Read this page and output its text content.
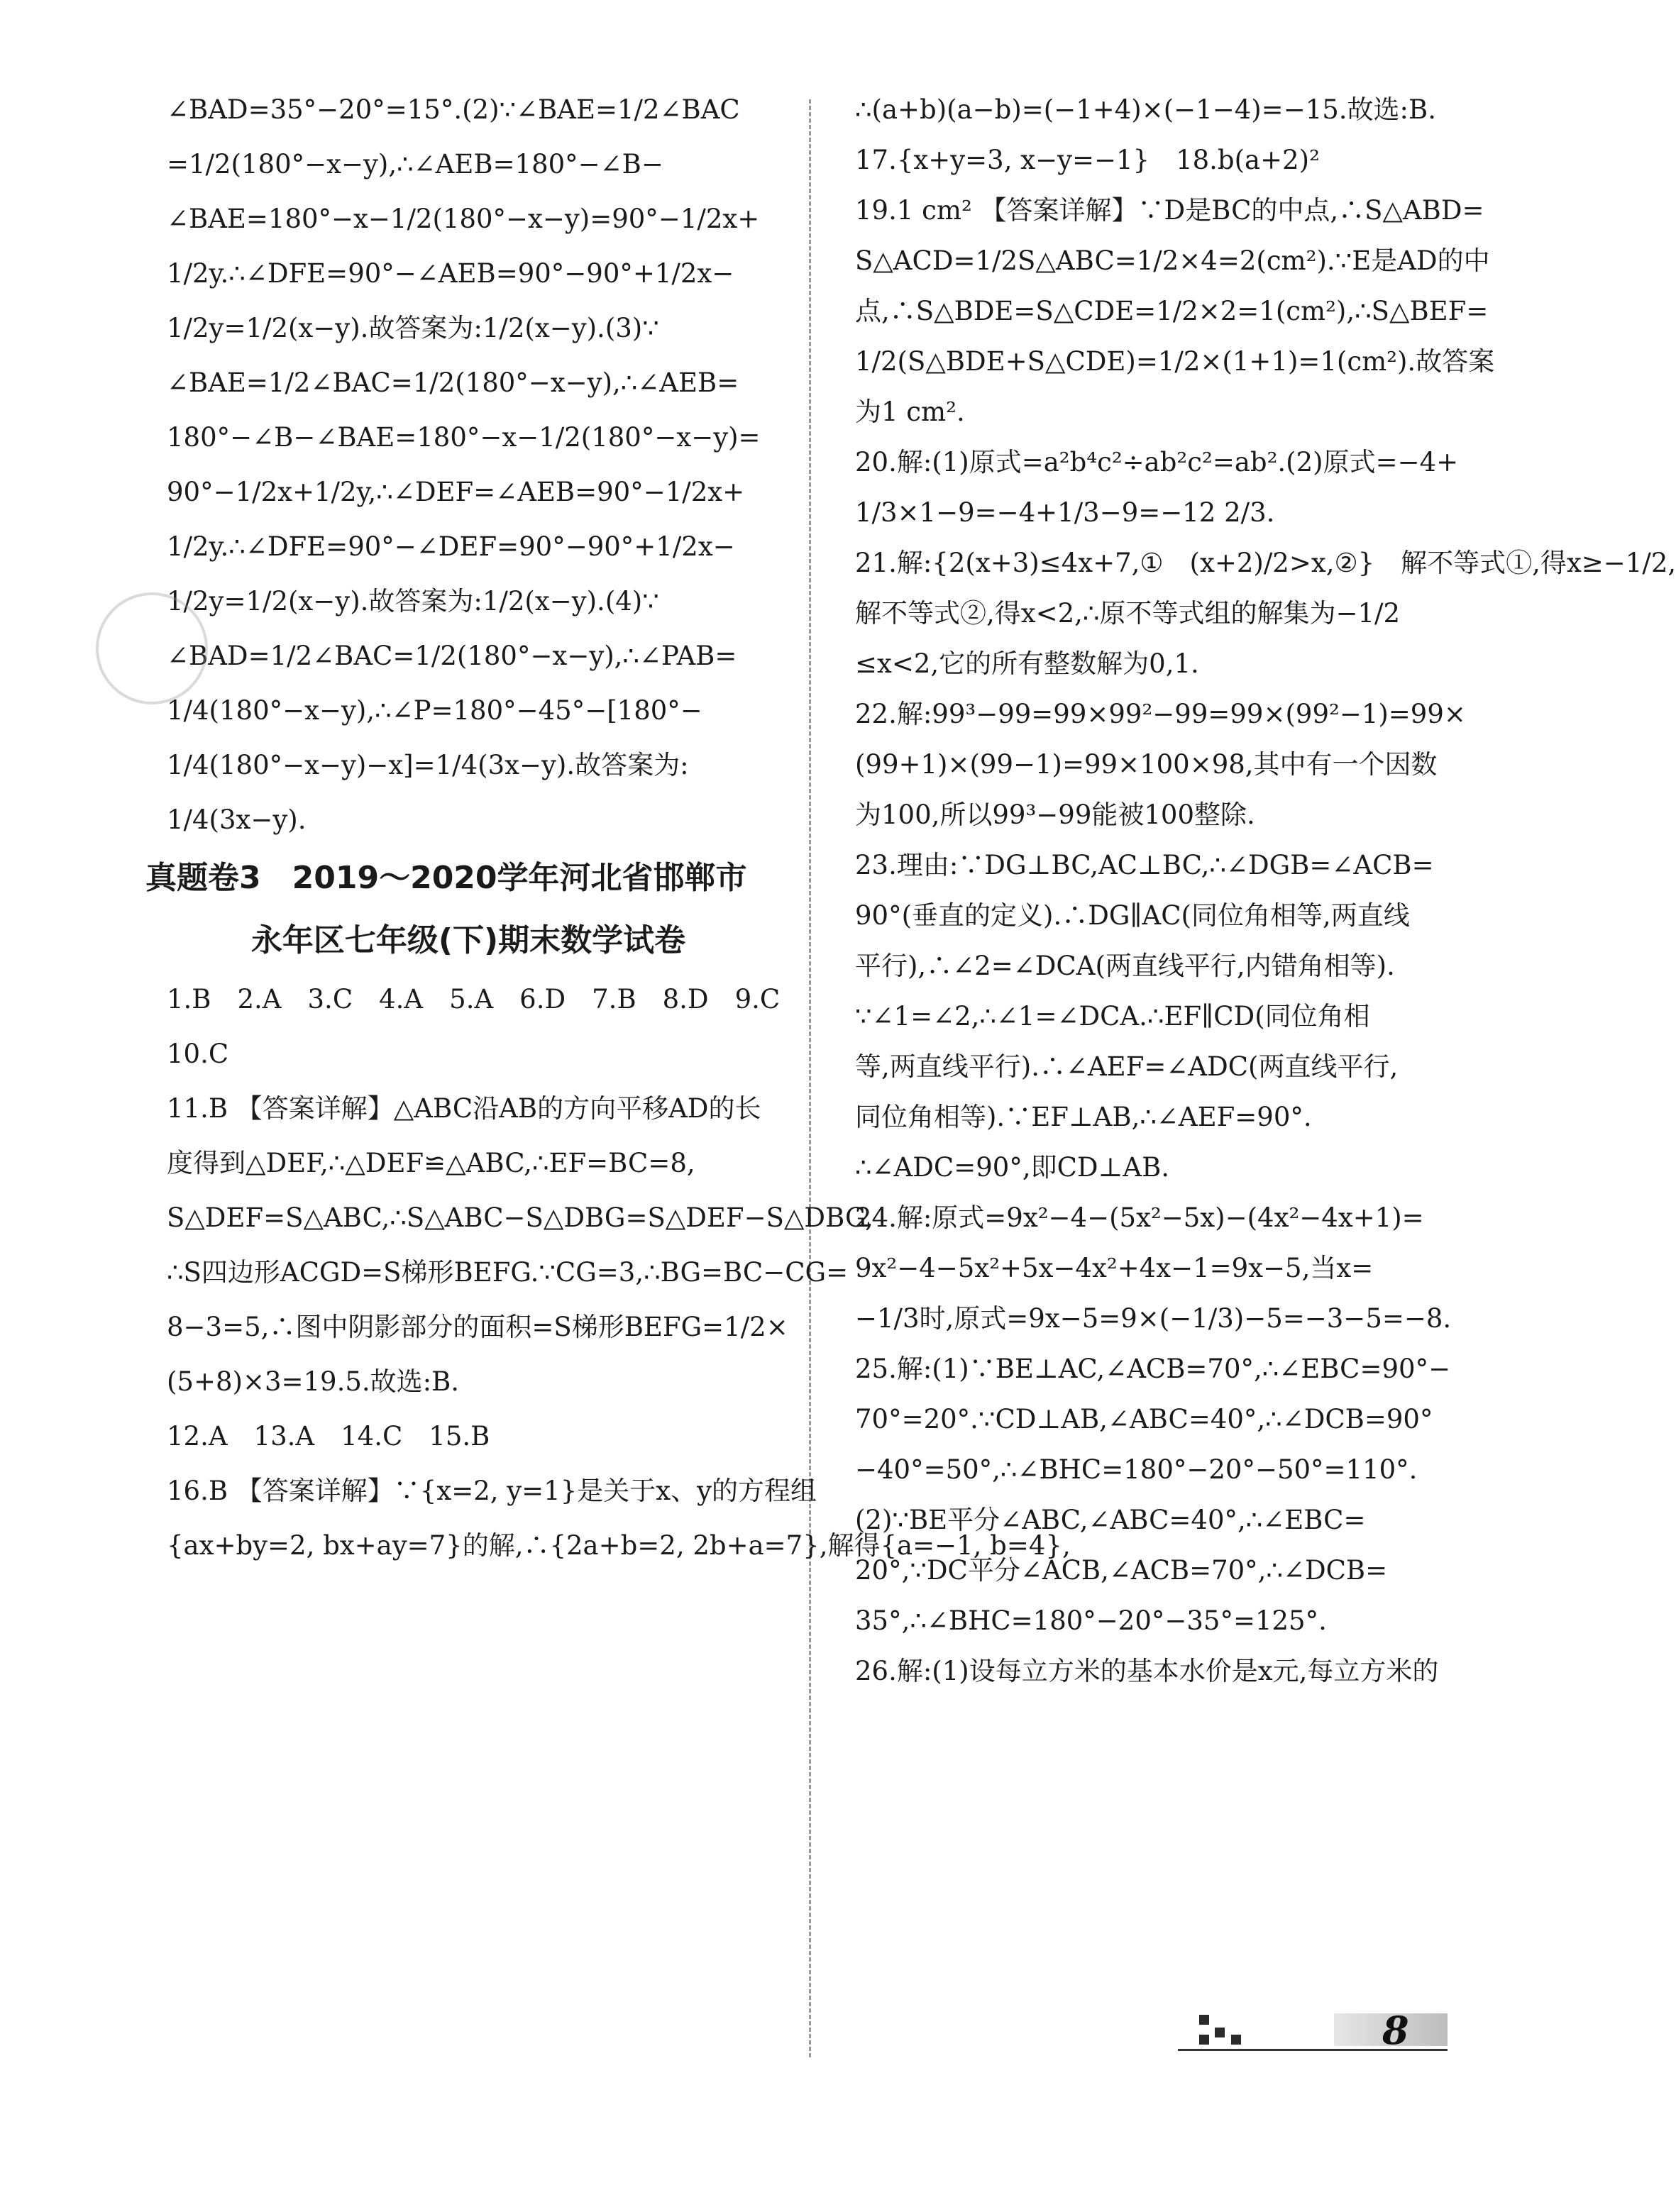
∠BAD=35°−20°=15°.(2)∵∠BAE=1/2∠BAC
=1/2(180°−x−y),∴∠AEB=180°−∠B−
∠BAE=180°−x−1/2(180°−x−y)=90°−1/2x+
1/2y.∴∠DFE=90°−∠AEB=90°−90°+1/2x−
1/2y=1/2(x−y).故答案为:1/2(x−y).(3)∵
∠BAE=1/2∠BAC=1/2(180°−x−y),∴∠AEB=
180°−∠B−∠BAE=180°−x−1/2(180°−x−y)=
90°−1/2x+1/2y,∴∠DEF=∠AEB=90°−1/2x+
1/2y.∴∠DFE=90°−∠DEF=90°−90°+1/2x−
1/2y=1/2(x−y).故答案为:1/2(x−y).(4)∵
∠BAD=1/2∠BAC=1/2(180°−x−y),∴∠PAB=
1/4(180°−x−y),∴∠P=180°−45°−[180°−
1/4(180°−x−y)−x]=1/4(3x−y).故答案为:
1/4(3x−y).
真题卷3　2019～2020学年河北省邯郸市
永年区七年级(下)期末数学试卷
1.B　2.A　3.C　4.A　5.A　6.D　7.B　8.D　9.C
10.C
11.B 【答案详解】△ABC沿AB的方向平移AD的长
度得到△DEF,∴△DEF≌△ABC,∴EF=BC=8,
S△DEF=S△ABC,∴S△ABC−S△DBG=S△DEF−S△DBG,
∴S四边形ACGD=S梯形BEFG.∵CG=3,∴BG=BC−CG=
8−3=5,∴图中阴影部分的面积=S梯形BEFG=1/2×
(5+8)×3=19.5.故选:B.
12.A　13.A　14.C　15.B
16.B 【答案详解】∵{x=2, y=1}是关于x、y的方程组
{ax+by=2, bx+ay=7}的解,∴{2a+b=2, 2b+a=7},解得{a=−1, b=4},
∴(a+b)(a−b)=(−1+4)×(−1−4)=−15.故选:B.
17.{x+y=3, x−y=−1}　18.b(a+2)²
19.1 cm² 【答案详解】∵D是BC的中点,∴S△ABD=
S△ACD=1/2S△ABC=1/2×4=2(cm²).∵E是AD的中
点,∴S△BDE=S△CDE=1/2×2=1(cm²),∴S△BEF=
1/2(S△BDE+S△CDE)=1/2×(1+1)=1(cm²).故答案
为1 cm².
20.解:(1)原式=a²b⁴c²÷ab²c²=ab².(2)原式=−4+
1/3×1−9=−4+1/3−9=−12 2/3.
21.解:{2(x+3)≤4x+7,①　(x+2)/2>x,②}　解不等式①,得x≥−1/2,
解不等式②,得x<2,∴原不等式组的解集为−1/2
≤x<2,它的所有整数解为0,1.
22.解:99³−99=99×99²−99=99×(99²−1)=99×
(99+1)×(99−1)=99×100×98,其中有一个因数
为100,所以99³−99能被100整除.
23.理由:∵DG⊥BC,AC⊥BC,∴∠DGB=∠ACB=
90°(垂直的定义).∴DG∥AC(同位角相等,两直线
平行),∴∠2=∠DCA(两直线平行,内错角相等).
∵∠1=∠2,∴∠1=∠DCA.∴EF∥CD(同位角相
等,两直线平行).∴∠AEF=∠ADC(两直线平行,
同位角相等).∵EF⊥AB,∴∠AEF=90°.
∴∠ADC=90°,即CD⊥AB.
24.解:原式=9x²−4−(5x²−5x)−(4x²−4x+1)=
9x²−4−5x²+5x−4x²+4x−1=9x−5,当x=
−1/3时,原式=9x−5=9×(−1/3)−5=−3−5=−8.
25.解:(1)∵BE⊥AC,∠ACB=70°,∴∠EBC=90°−
70°=20°.∵CD⊥AB,∠ABC=40°,∴∠DCB=90°
−40°=50°,∴∠BHC=180°−20°−50°=110°.
(2)∵BE平分∠ABC,∠ABC=40°,∴∠EBC=
20°,∵DC平分∠ACB,∠ACB=70°,∴∠DCB=
35°,∴∠BHC=180°−20°−35°=125°.
26.解:(1)设每立方米的基本水价是x元,每立方米的
8
